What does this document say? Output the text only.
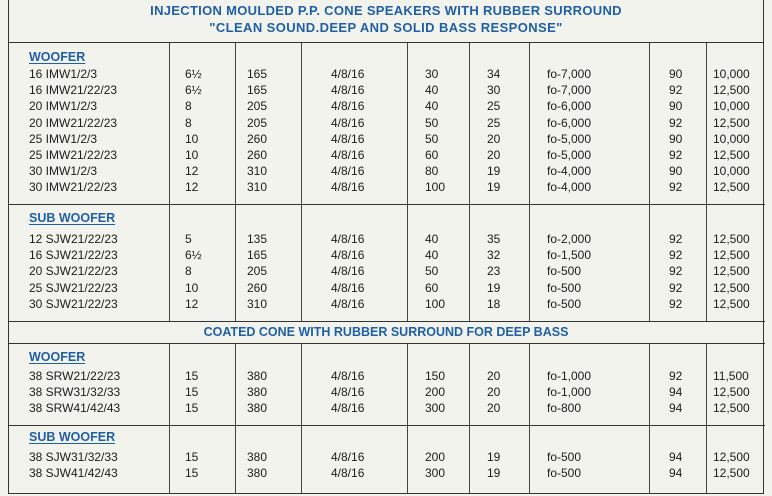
INJECTION MOULDED P.P. CONE SPEAKERS WITH RUBBER SURROUND
"CLEAN SOUND.DEEP AND SOLID BASS RESPONSE"
WOOFER
16 IMW1/2/3	6½	165	4/8/16	30	34	fo-7,000	90	10,000
16 IMW21/22/23	6½	165	4/8/16	40	30	fo-7,000	92	12,500
20 IMW1/2/3	8	205	4/8/16	40	25	fo-6,000	90	10,000
20 IMW21/22/23	8	205	4/8/16	50	25	fo-6,000	92	12,500
25 IMW1/2/3	10	260	4/8/16	50	20	fo-5,000	90	10,000
25 IMW21/22/23	10	260	4/8/16	60	20	fo-5,000	92	12,500
30 IMW1/2/3	12	310	4/8/16	80	19	fo-4,000	90	10,000
30 IMW21/22/23	12	310	4/8/16	100	19	fo-4,000	92	12,500
SUB WOOFER
12 SJW21/22/23	5	135	4/8/16	40	35	fo-2,000	92	12,500
16 SJW21/22/23	6½	165	4/8/16	40	32	fo-1,500	92	12,500
20 SJW21/22/23	8	205	4/8/16	50	23	fo-500	92	12,500
25 SJW21/22/23	10	260	4/8/16	60	19	fo-500	92	12,500
30 SJW21/22/23	12	310	4/8/16	100	18	fo-500	92	12,500
COATED CONE WITH RUBBER SURROUND FOR DEEP BASS
WOOFER
38 SRW21/22/23	15	380	4/8/16	150	20	fo-1,000	92	11,500
38 SRW31/32/33	15	380	4/8/16	200	20	fo-1,000	94	12,500
38 SRW41/42/43	15	380	4/8/16	300	20	fo-800	94	12,500
SUB WOOFER
38 SJW31/32/33	15	380	4/8/16	200	19	fo-500	94	12,500
38 SJW41/42/43	15	380	4/8/16	300	19	fo-500	94	12,500
